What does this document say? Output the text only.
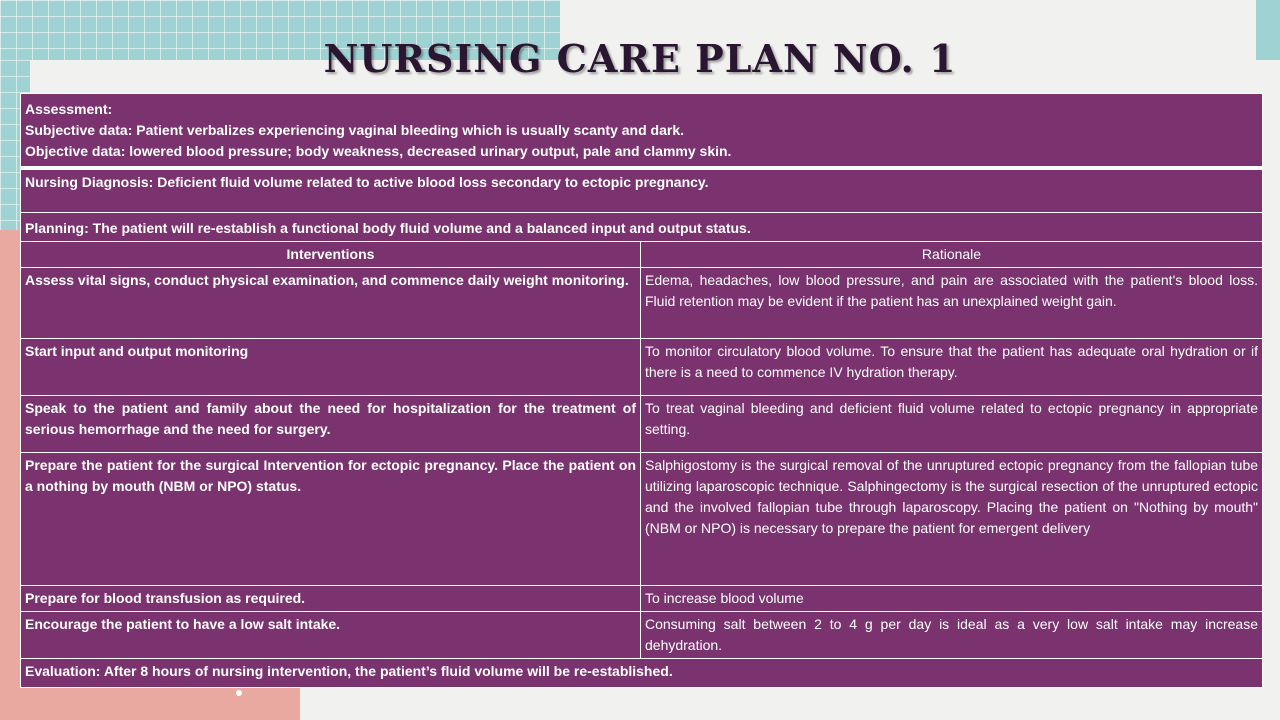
NURSING CARE PLAN NO. 1
Assessment:
Subjective data: Patient verbalizes experiencing vaginal bleeding which is usually scanty and dark.
Objective data: lowered blood pressure; body weakness, decreased urinary output, pale and clammy skin.	

Nursing Diagnosis: Deficient fluid volume related to active blood loss secondary to ectopic pregnancy.	
Planning: The patient will re-establish a functional body fluid volume and a balanced input and output status.	
Interventions	Rationale
Assess vital signs, conduct physical examination, and commence daily weight monitoring.	Edema, headaches, low blood pressure, and pain are associated with the patient's blood loss. Fluid retention may be evident if the patient has an unexplained weight gain.
Start input and output monitoring	To monitor circulatory blood volume. To ensure that the patient has adequate oral hydration or if there is a need to commence IV hydration therapy.
Speak to the patient and family about the need for hospitalization for the treatment of serious hemorrhage and the need for surgery.	To treat vaginal bleeding and deficient fluid volume related to ectopic pregnancy in appropriate setting.
Prepare the patient for the surgical Intervention for ectopic pregnancy. Place the patient on a nothing by mouth (NBM or NPO) status.	Salphigostomy is the surgical removal of the unruptured ectopic pregnancy from the fallopian tube utilizing laparoscopic technique. Salphingectomy is the surgical resection of the unruptured ectopic and the involved fallopian tube through laparoscopy. Placing the patient on "Nothing by mouth" (NBM or NPO) is necessary to prepare the patient for emergent delivery
Prepare for blood transfusion as required.	To increase blood volume
Encourage the patient to have a low salt intake.	Consuming salt between 2 to 4 g per day is ideal as a very low salt intake may increase dehydration.
Evaluation: After 8 hours of nursing intervention, the patient’s fluid volume will be re-established.	
